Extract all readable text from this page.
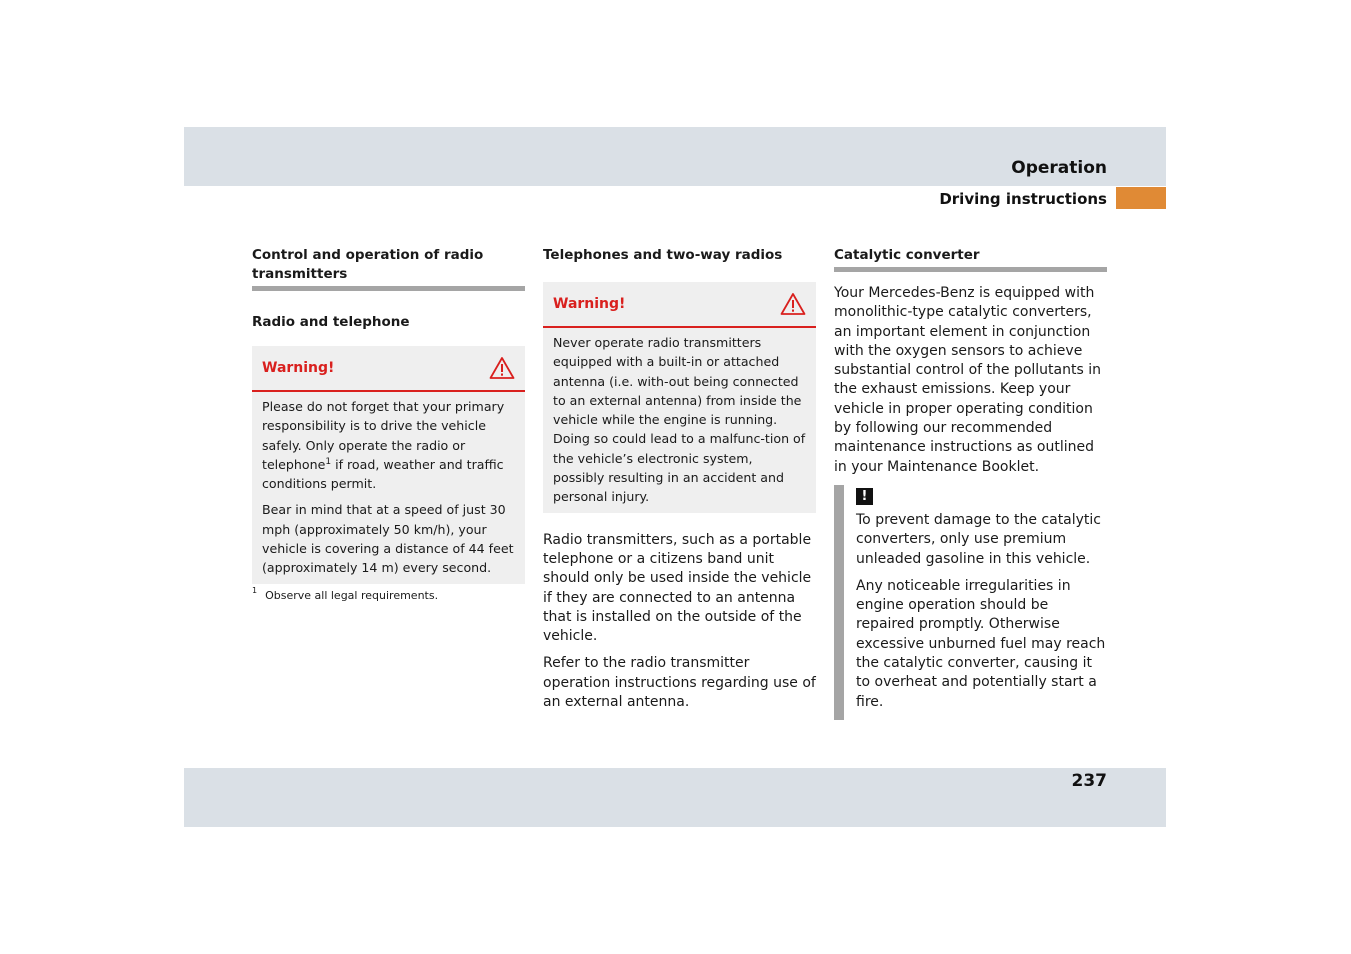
Operation
Driving instructions
Control and operation of radio transmitters
Radio and telephone
Warning!

Please do not forget that your primary responsibility is to drive the vehicle safely. Only operate the radio or telephone$^1$ if road, weather and traffic conditions permit.

Bear in mind that at a speed of just 30 mph (approximately 50 km/h), your vehicle is covering a distance of 44 feet (approximately 14 m) every second.

1 Observe all legal requirements.
Telephones and two-way radios
Warning!

Never operate radio transmitters equipped with a built-in or attached antenna (i.e. with-out being connected to an external antenna) from inside the vehicle while the engine is running. Doing so could lead to a malfunc-tion of the vehicle’s electronic system, possibly resulting in an accident and personal injury.

Radio transmitters, such as a portable telephone or a citizens band unit should only be used inside the vehicle if they are connected to an antenna that is installed on the outside of the vehicle.

Refer to the radio transmitter operation instructions regarding use of an external antenna.

Catalytic converter

Your Mercedes-Benz is equipped with monolithic-type catalytic converters, an important element in conjunction with the oxygen sensors to achieve substantial control of the pollutants in the exhaust emissions. Keep your vehicle in proper operating condition by following our recommended maintenance instructions as outlined in your Maintenance Booklet.

!

To prevent damage to the catalytic converters, only use premium unleaded gasoline in this vehicle.

Any noticeable irregularities in engine operation should be repaired promptly. Otherwise excessive unburned fuel may reach the catalytic converter, causing it to overheat and potentially start a fire.

237
